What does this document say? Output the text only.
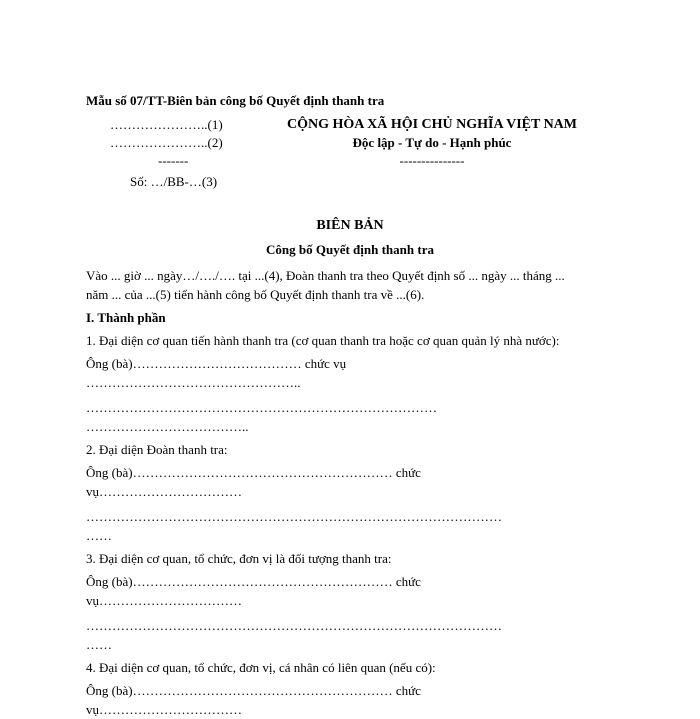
Mẫu số 07/TT-Biên bản công bố Quyết định thanh tra
…………………..(1)
…………………..(2)
-------
CỘNG HÒA XÃ HỘI CHỦ NGHĨA VIỆT NAM
Độc lập - Tự do - Hạnh phúc
---------------
Số: …/BB-…(3)
BIÊN BẢN
Công bố Quyết định thanh tra
Vào ... giờ ... ngày…/…./…. tại ...(4), Đoàn thanh tra theo Quyết định số ... ngày ... tháng ...
năm ... của ...(5) tiến hành công bố Quyết định thanh tra về ...(6).
I. Thành phần
1. Đại diện cơ quan tiến hành thanh tra (cơ quan thanh tra hoặc cơ quan quản lý nhà nước):
Ông (bà)………………………………… chức vụ
…………………………………………..
………………………………………………………………………
………………………………..
2. Đại diện Đoàn thanh tra:
Ông (bà)…………………………………………………… chức
vụ……………………………
……………………………………………………………………………………
……
3. Đại diện cơ quan, tổ chức, đơn vị là đối tượng thanh tra:
Ông (bà)…………………………………………………… chức
vụ……………………………
……………………………………………………………………………………
……
4. Đại diện cơ quan, tổ chức, đơn vị, cá nhân có liên quan (nếu có):
Ông (bà)…………………………………………………… chức
vụ……………………………
